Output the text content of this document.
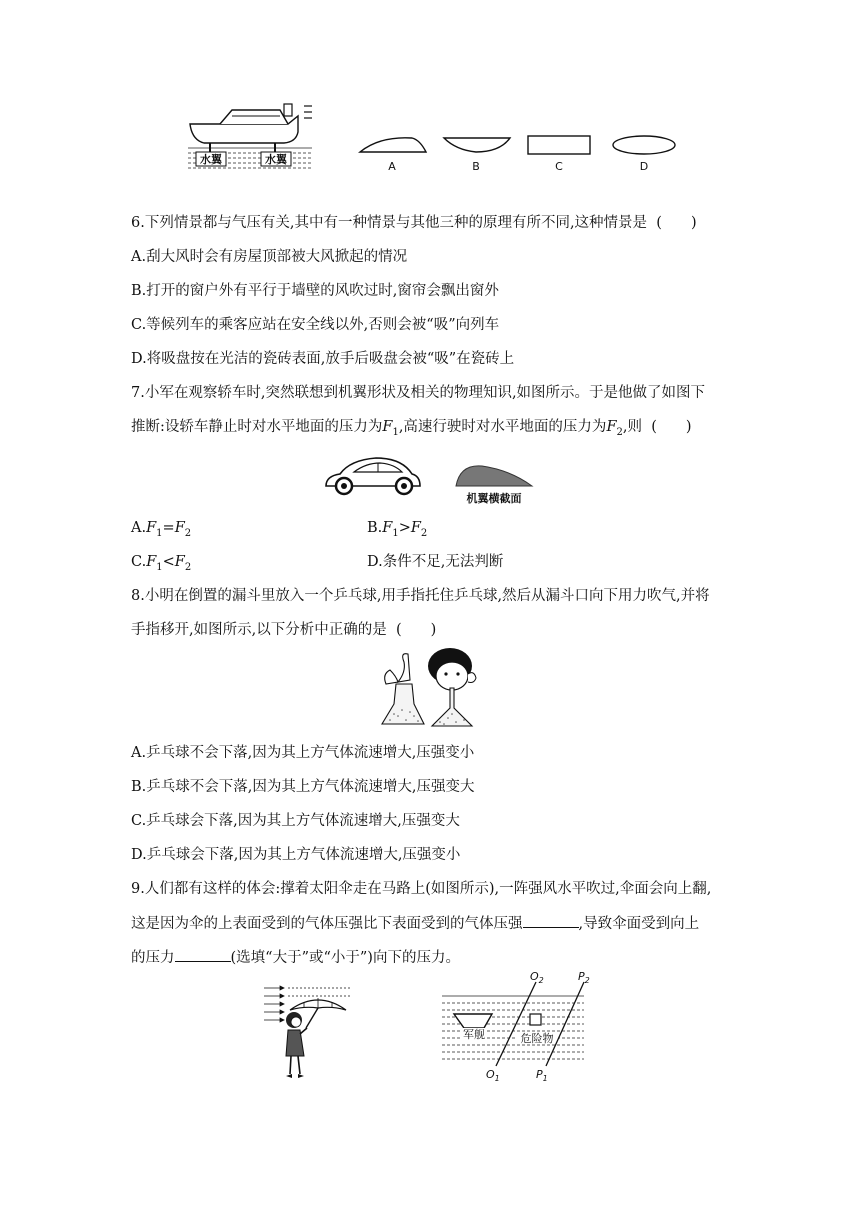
水翼	水翼
A	B	C	D
6.下列情景都与气压有关,其中有一种情景与其他三种的原理有所不同,这种情景是 (　　)
A.刮大风时会有房屋顶部被大风掀起的情况
B.打开的窗户外有平行于墙壁的风吹过时,窗帘会飘出窗外
C.等候列车的乘客应站在安全线以外,否则会被“吸”向列车
D.将吸盘按在光洁的瓷砖表面,放手后吸盘会被“吸”在瓷砖上
7.小军在观察轿车时,突然联想到机翼形状及相关的物理知识,如图所示。于是他做了如图下
推断:设轿车静止时对水平地面的压力为$F_1$,高速行驶时对水平地面的压力为$F_2$,则 (　　)
机翼横截面
$A.F_1=F_2$	$B.F_1>F_2$
$C.F_1<F_2$	D.条件不足,无法判断
8.小明在倒置的漏斗里放入一个乒乓球,用手指托住乒乓球,然后从漏斗口向下用力吹气,并将
手指移开,如图所示,以下分析中正确的是 (　　)
A.乒乓球不会下落,因为其上方气体流速增大,压强变小
B.乒乓球不会下落,因为其上方气体流速增大,压强变大
C.乒乓球会下落,因为其上方气体流速增大,压强变大
D.乒乓球会下落,因为其上方气体流速增大,压强变小
9.人们都有这样的体会:撑着太阳伞走在马路上(如图所示),一阵强风水平吹过,伞面会向上翻,
这是因为伞的上表面受到的气体压强比下表面受到的气体压强	,导致伞面受到向上
的压力	(选填“大于”或“小于”)向下的压力。
军舰	危险物
$O_2$	$P_2$
$O_1$	$P_1$
